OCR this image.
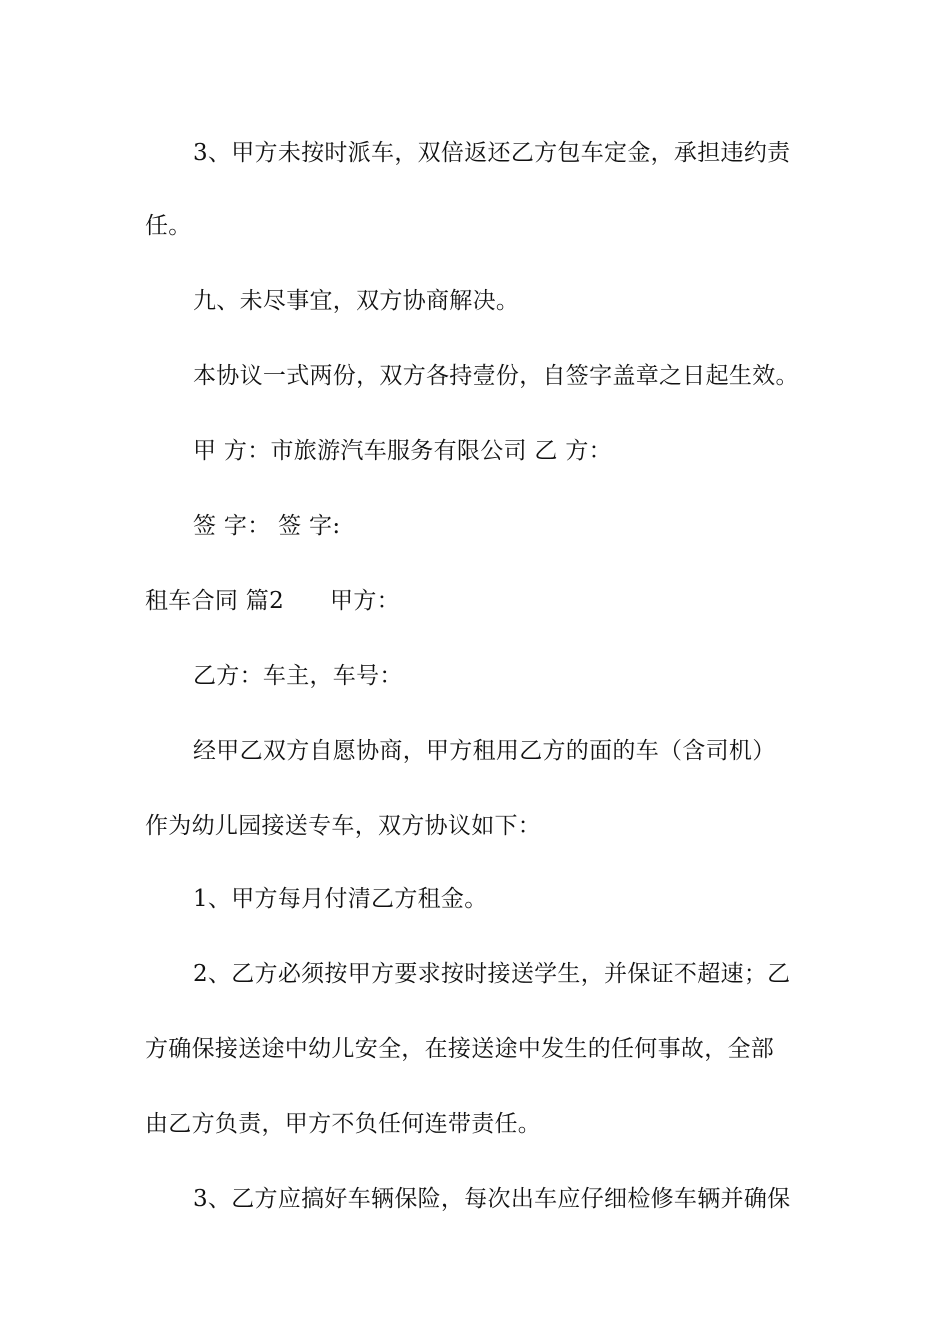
3、甲方未按时派车，双倍返还乙方包车定金，承担违约责
任。
九、未尽事宜，双方协商解决。
本协议一式两份，双方各持壹份，自签字盖章之日起生效。
甲 方：市旅游汽车服务有限公司 乙 方：
签 字： 签 字:
租车合同 篇2 甲方：
乙方：车主，车号：
经甲乙双方自愿协商，甲方租用乙方的面的车（含司机）
作为幼儿园接送专车，双方协议如下：
1、甲方每月付清乙方租金。
2、乙方必须按甲方要求按时接送学生，并保证不超速；乙
方确保接送途中幼儿安全，在接送途中发生的任何事故，全部
由乙方负责，甲方不负任何连带责任。
3、乙方应搞好车辆保险，每次出车应仔细检修车辆并确保
